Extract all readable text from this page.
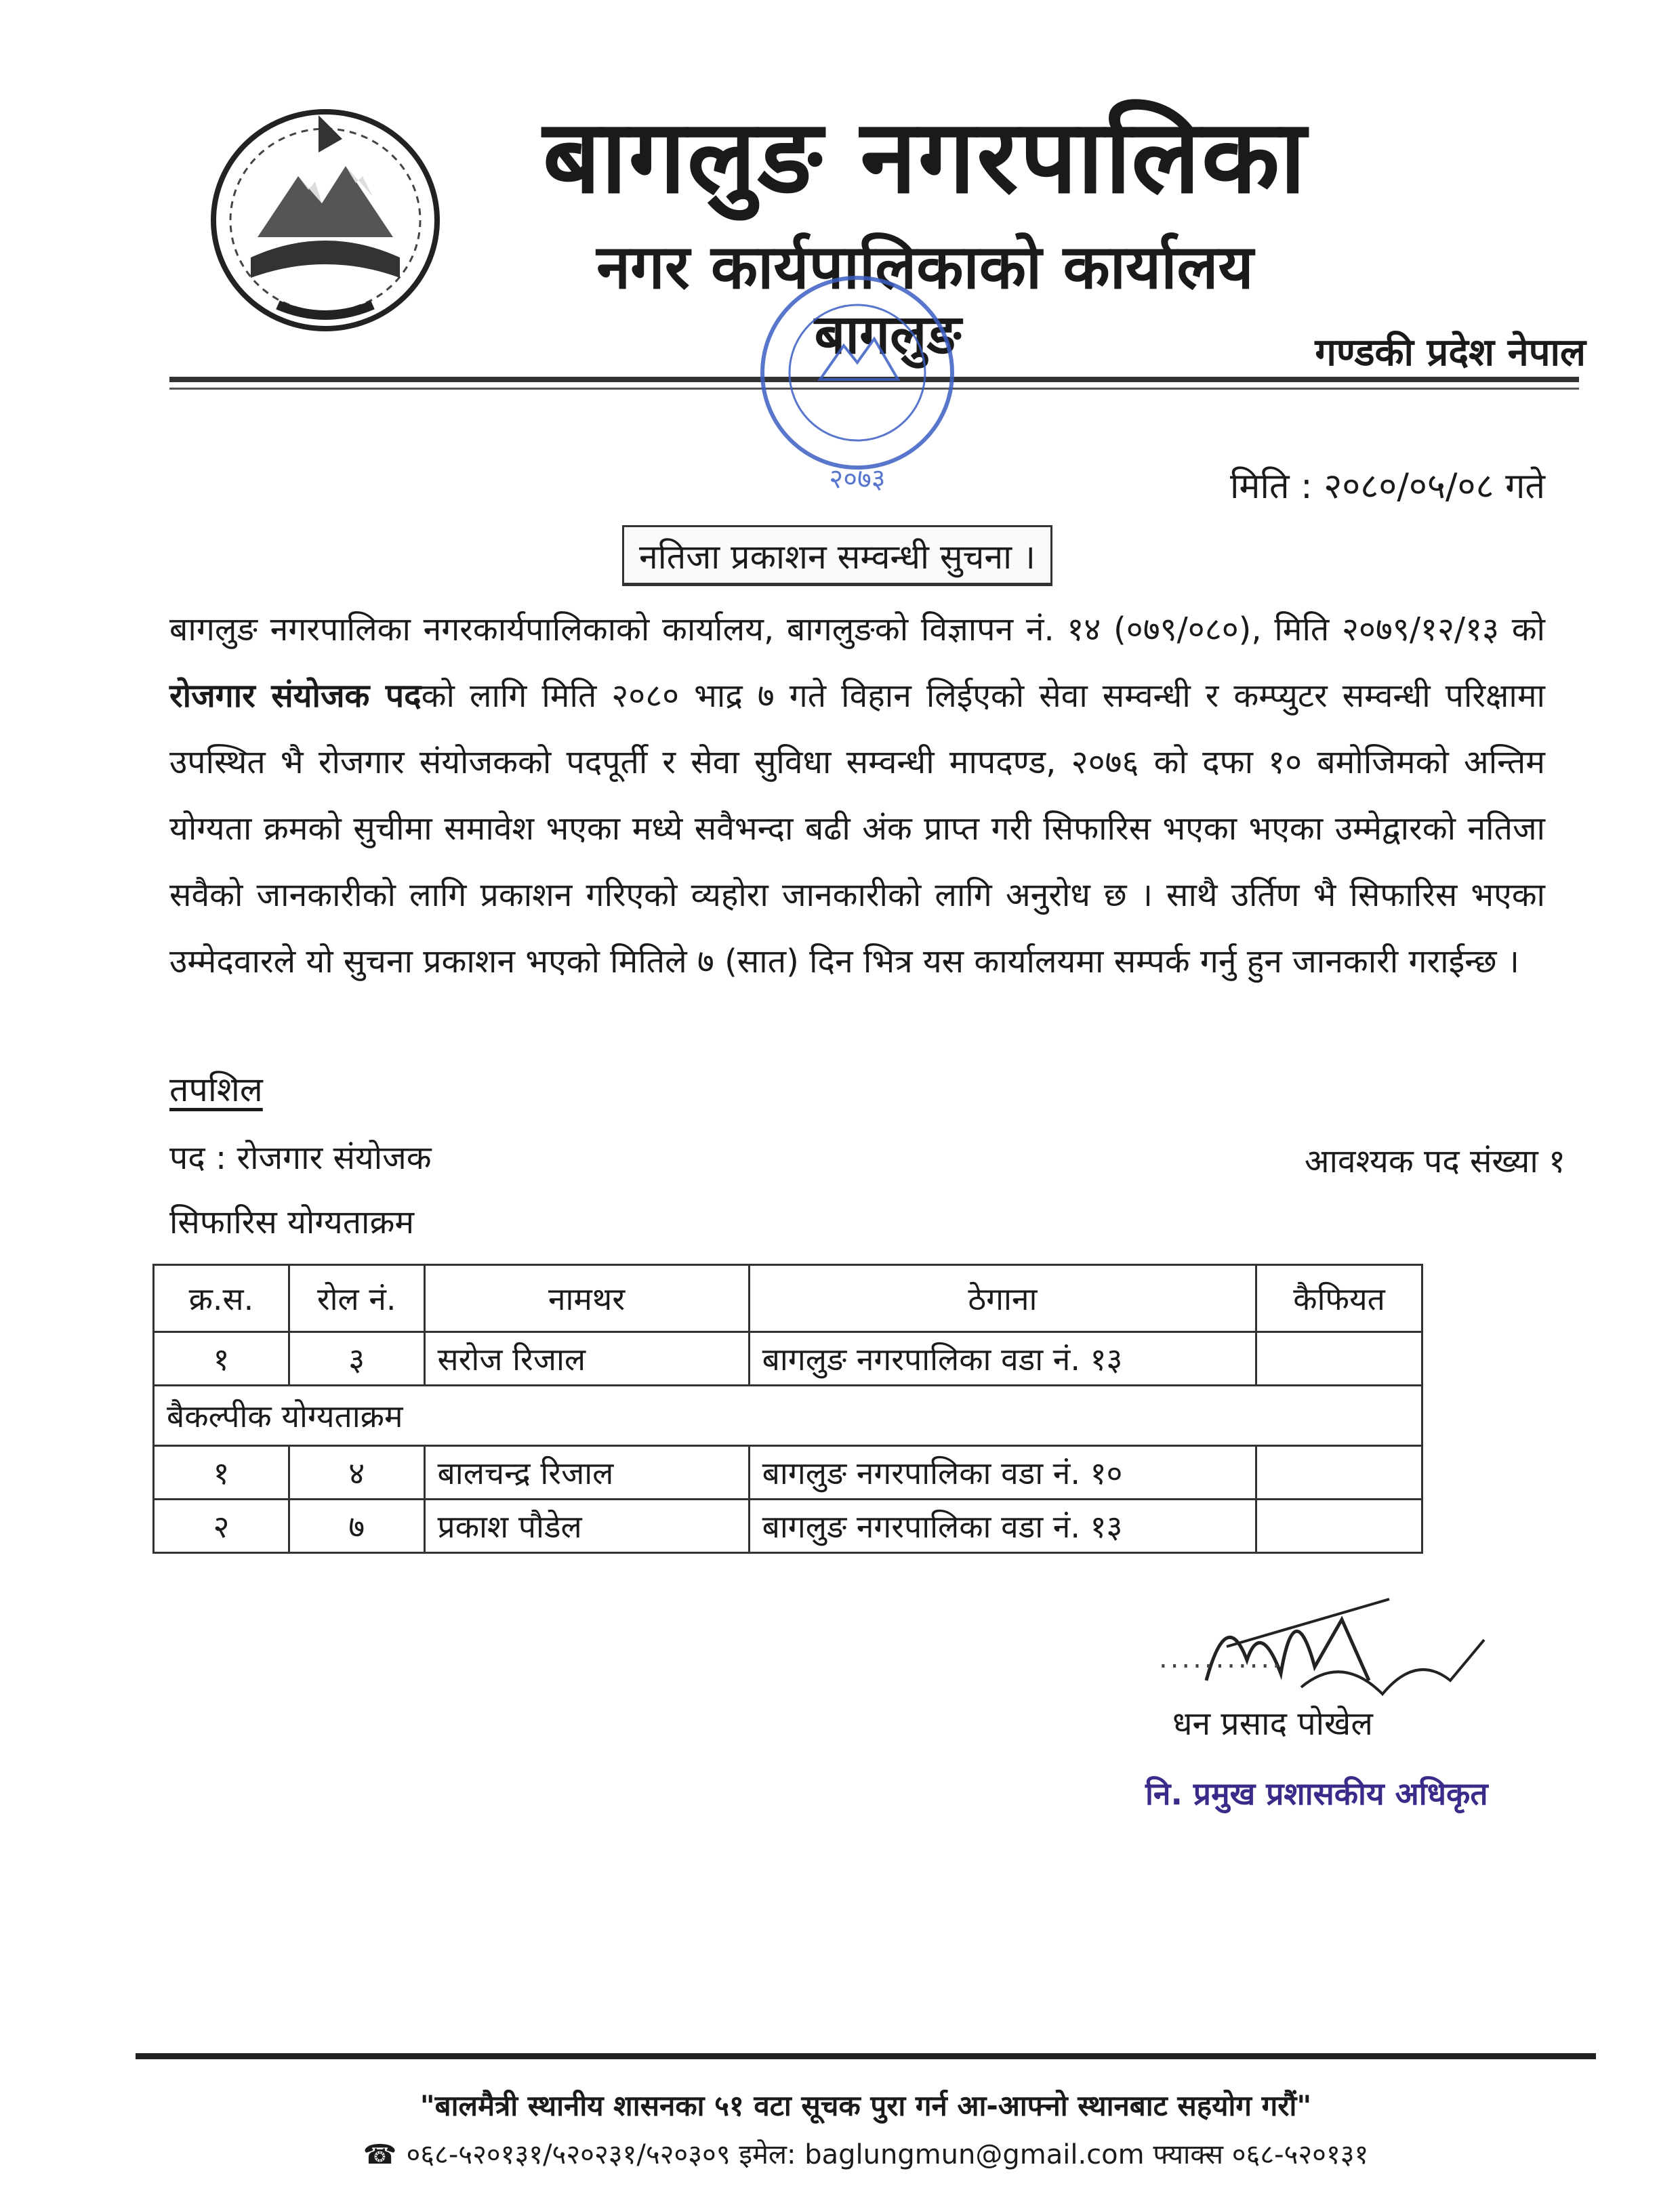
बागलुङ नगरपालिका
नगर कार्यपालिकाको कार्यालय
बागलुङ	गण्डकी प्रदेश नेपाल
२०७३	मिति : २०८०/०५/०८ गते
नतिजा प्रकाशन सम्वन्धी सुचना ।
बागलुङ नगरपालिका नगरकार्यपालिकाको कार्यालय, बागलुङको विज्ञापन नं. १४ (०७९/०८०), मिति २०७९/१२/१३ को रोजगार संयोजक पदको लागि मिति २०८० भाद्र ७ गते विहान लिईएको सेवा सम्वन्धी र कम्प्युटर सम्वन्धी परिक्षामा उपस्थित भै रोजगार संयोजकको पदपूर्ती र सेवा सुविधा सम्वन्धी मापदण्ड, २०७६ को दफा १० बमोजिमको अन्तिम योग्यता क्रमको सुचीमा समावेश भएका मध्ये सवैभन्दा बढी अंक प्राप्त गरी सिफारिस भएका भएका उम्मेद्वारको नतिजा सवैको जानकारीको लागि प्रकाशन गरिएको व्यहोरा जानकारीको लागि अनुरोध छ । साथै उर्तिण भै सिफारिस भएका उम्मेदवारले यो सुचना प्रकाशन भएको मितिले ७ (सात) दिन भित्र यस कार्यालयमा सम्पर्क गर्नु हुन जानकारी गराईन्छ ।
तपशिल
पद : रोजगार संयोजक	आवश्यक पद संख्या १
सिफारिस योग्यताक्रम
क्र.स.	रोल नं.	नामथर	ठेगाना	कैफियत
१	३	सरोज रिजाल	बागलुङ नगरपालिका वडा नं. १३	
बैकल्पीक योग्यताक्रम				
१	४	बालचन्द्र रिजाल	बागलुङ नगरपालिका वडा नं. १०	
२	७	प्रकाश पौडेल	बागलुङ नगरपालिका वडा नं. १३	
...........
धन प्रसाद पोखेल
नि. प्रमुख प्रशासकीय अधिकृत
"बालमैत्री स्थानीय शासनका ५१ वटा सूचक पुरा गर्न आ-आफ्नो स्थानबाट सहयोग गरौं"
☎ ०६८-५२०१३१/५२०२३१/५२०३०९ इमेल: baglungmun@gmail.com फ्याक्स ०६८-५२०१३१
